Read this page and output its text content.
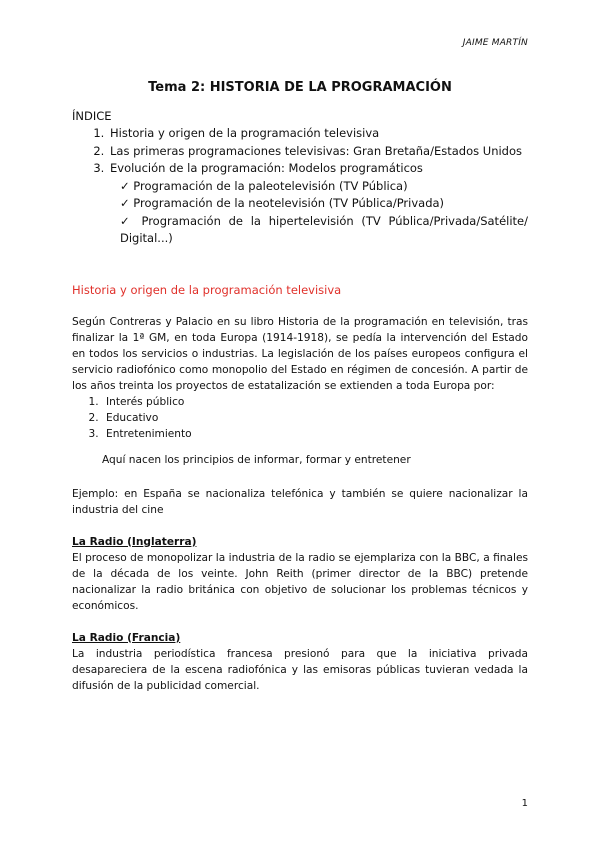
JAIME MARTÍN
Tema 2: HISTORIA DE LA PROGRAMACIÓN
ÍNDICE
1. Historia y origen de la programación televisiva
2. Las primeras programaciones televisivas: Gran Bretaña/Estados Unidos
3. Evolución de la programación: Modelos programáticos
✓ Programación de la paleotelevisión (TV Pública)
✓ Programación de la neotelevisión (TV Pública/Privada)
✓ Programación de la hipertelevisión (TV Pública/Privada/Satélite/ Digital...)
Historia y origen de la programación televisiva

Según Contreras y Palacio en su libro Historia de la programación en televisión, tras finalizar la 1ª GM, en toda Europa (1914-1918), se pedía la intervención del Estado en todos los servicios o industrias. La legislación de los países europeos configura el servicio radiofónico como monopolio del Estado en régimen de concesión. A partir de los años treinta los proyectos de estatalización se extienden a toda Europa por:

1. Interés público
2. Educativo
3. Entretenimiento

Aquí nacen los principios de informar, formar y entretener

Ejemplo: en España se nacionaliza telefónica y también se quiere nacionalizar la industria del cine

La Radio (Inglaterra)

El proceso de monopolizar la industria de la radio se ejemplariza con la BBC, a finales de la década de los veinte. John Reith (primer director de la BBC) pretende nacionalizar la radio británica con objetivo de solucionar los problemas técnicos y económicos.

La Radio (Francia)

La industria periodística francesa presionó para que la iniciativa privada desapareciera de la escena radiofónica y las emisoras públicas tuvieran vedada la difusión de la publicidad comercial.

1
